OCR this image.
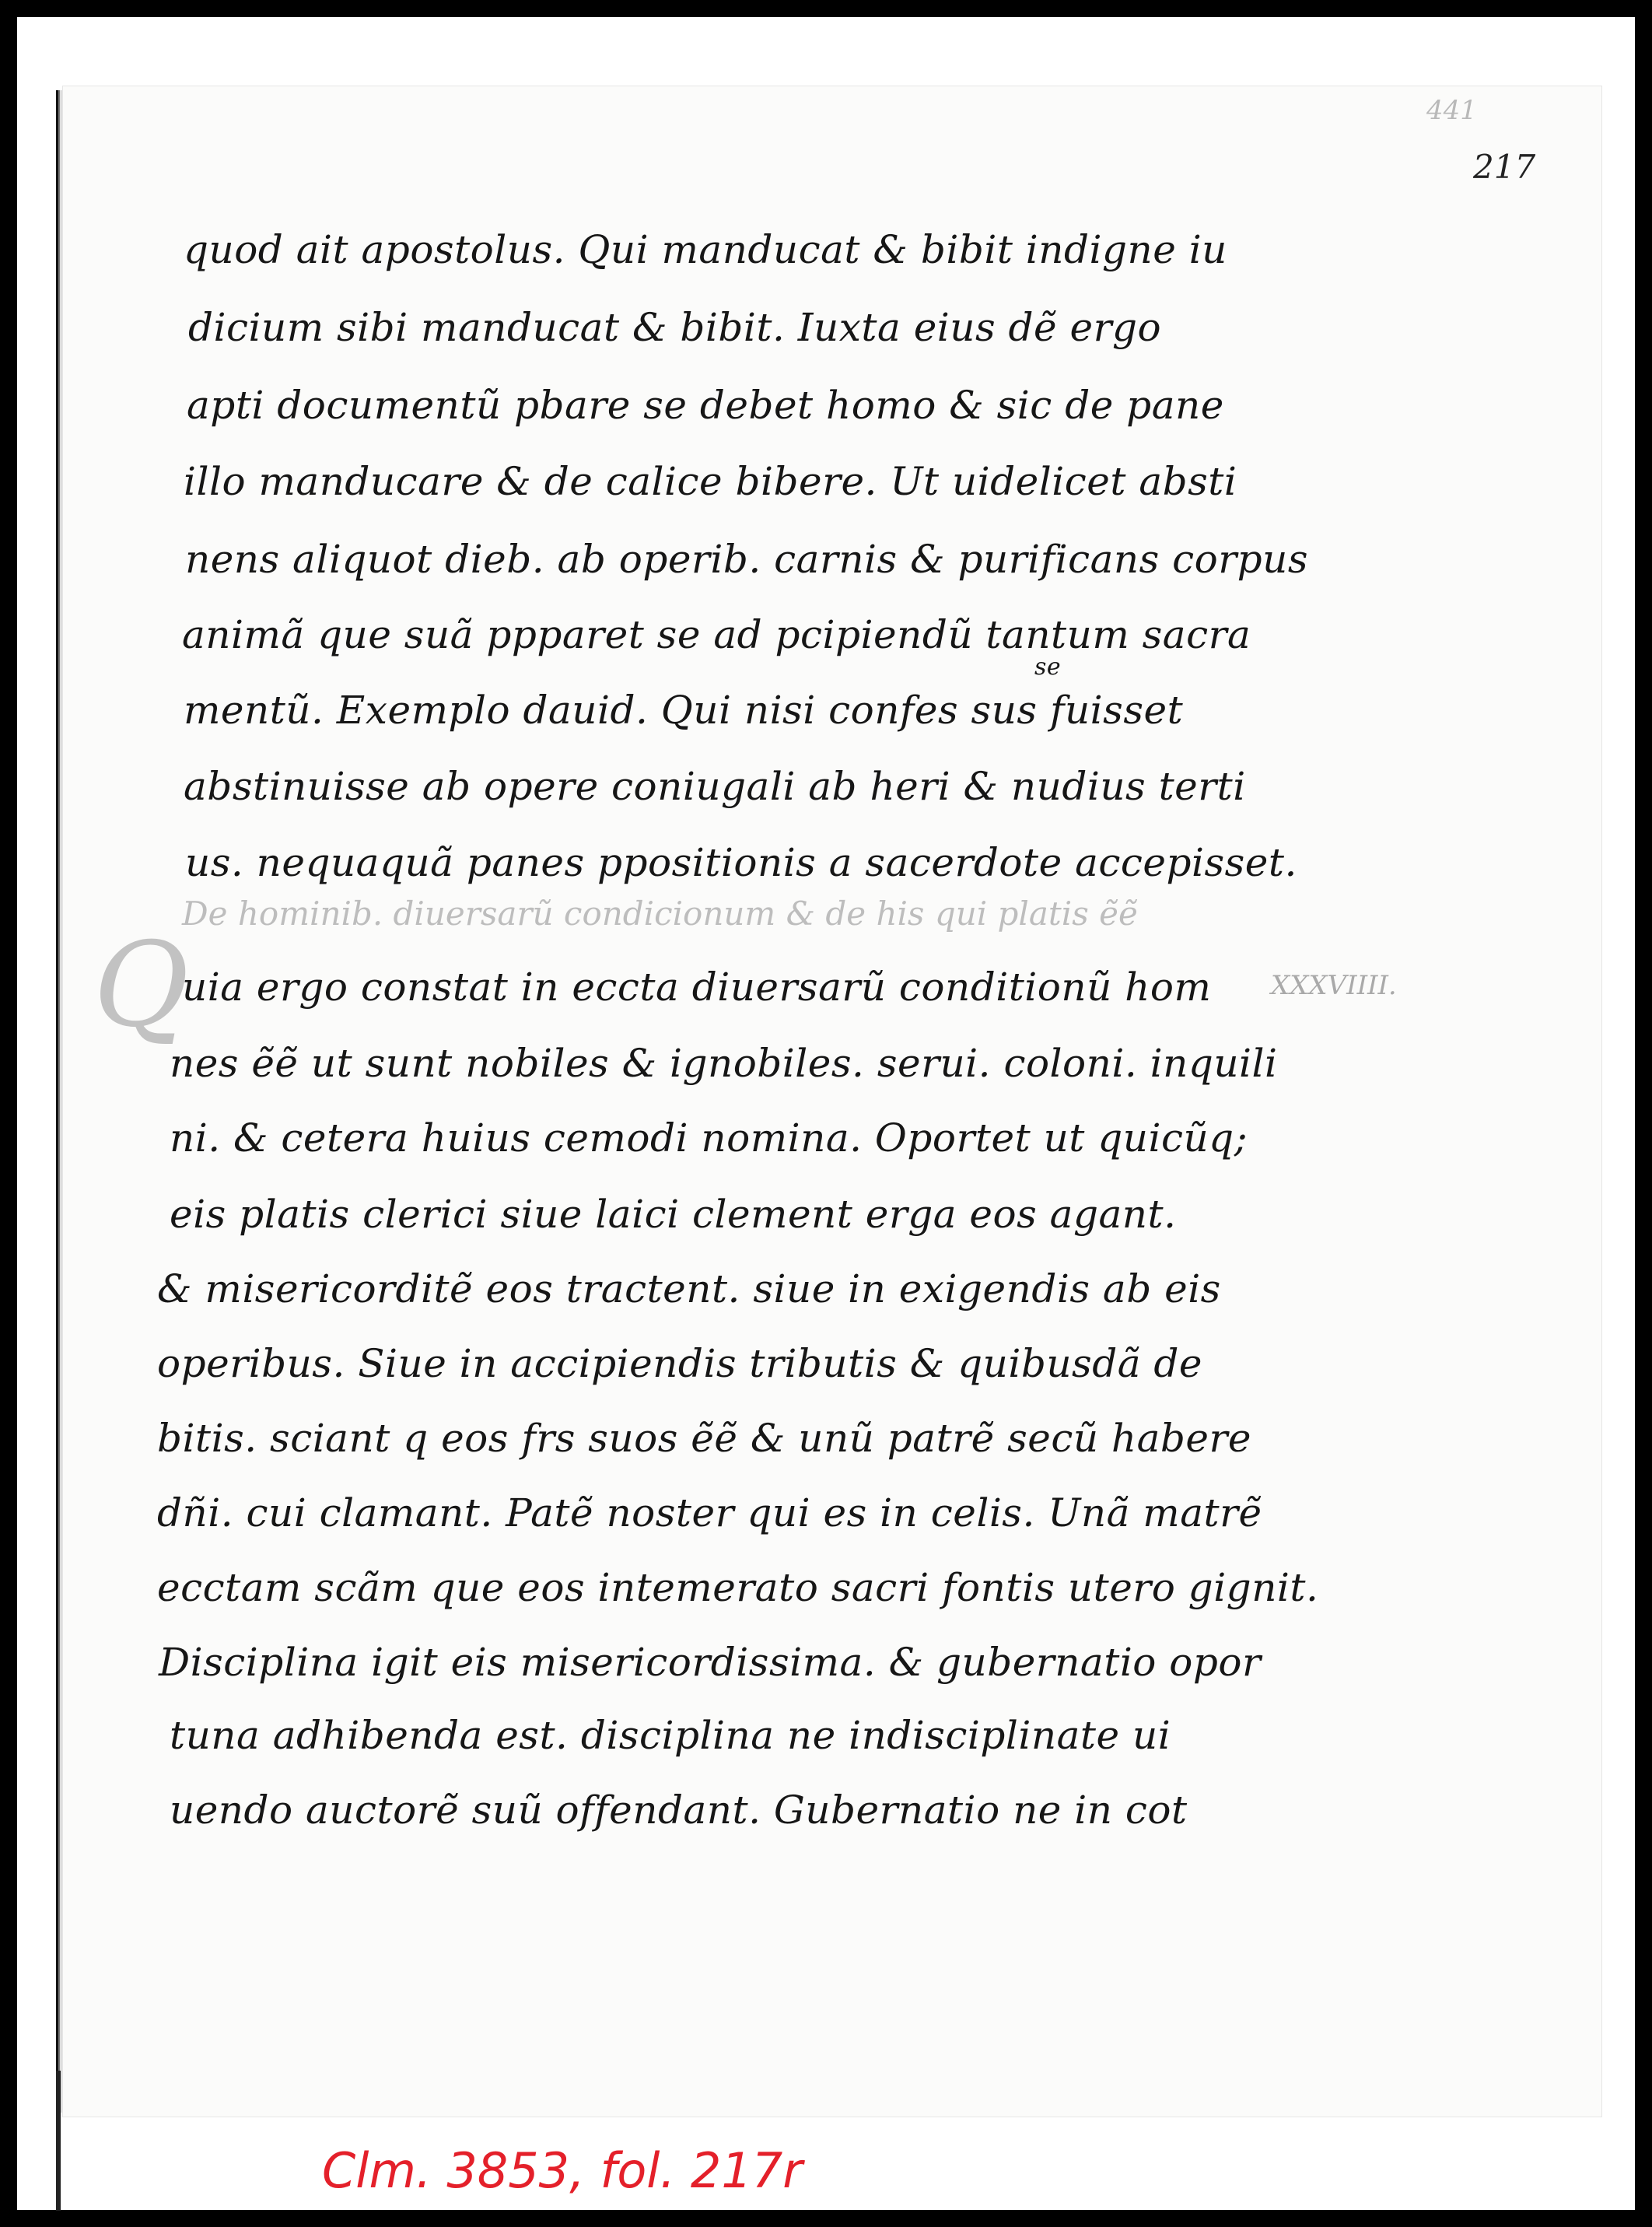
441
217
quod ait apostolus. Qui manducat & bibit indigne iu
dicium sibi manducat & bibit. Iuxta eius dẽ ergo
apti documentũ pbare se debet homo & sic de pane
illo manducare & de calice bibere. Ut uidelicet absti
nens aliquot dieb. ab operib. carnis & purificans corpus
animã que suã ppparet se ad pcipiendũ tantum sacra
se
mentũ. Exemplo dauid. Qui nisi confes sus fuisset
abstinuisse ab opere coniugali ab heri & nudius terti
us. nequaquã panes ppositionis a sacerdote accepisset.
De hominib. diuersarũ condicionum & de his qui platis ẽẽ
Q	XXXVIIII.
uia ergo constat in eccta diuersarũ conditionũ hom
nes ẽẽ ut sunt nobiles & ignobiles. serui. coloni. inquili
ni. & cetera huius cemodi nomina. Oportet ut quicũq;
eis platis clerici siue laici clement erga eos agant.
& misericorditẽ eos tractent. siue in exigendis ab eis
operibus. Siue in accipiendis tributis & quibusdã de
bitis. sciant q eos frs suos ẽẽ & unũ patrẽ secũ habere
dñi. cui clamant. Patẽ noster qui es in celis. Unã matrẽ
ecctam scãm que eos intemerato sacri fontis utero gignit.
Disciplina igit eis misericordissima. & gubernatio opor
tuna adhibenda est. disciplina ne indisciplinate ui
uendo auctorẽ suũ offendant. Gubernatio ne in cot
Clm. 3853, fol. 217r
